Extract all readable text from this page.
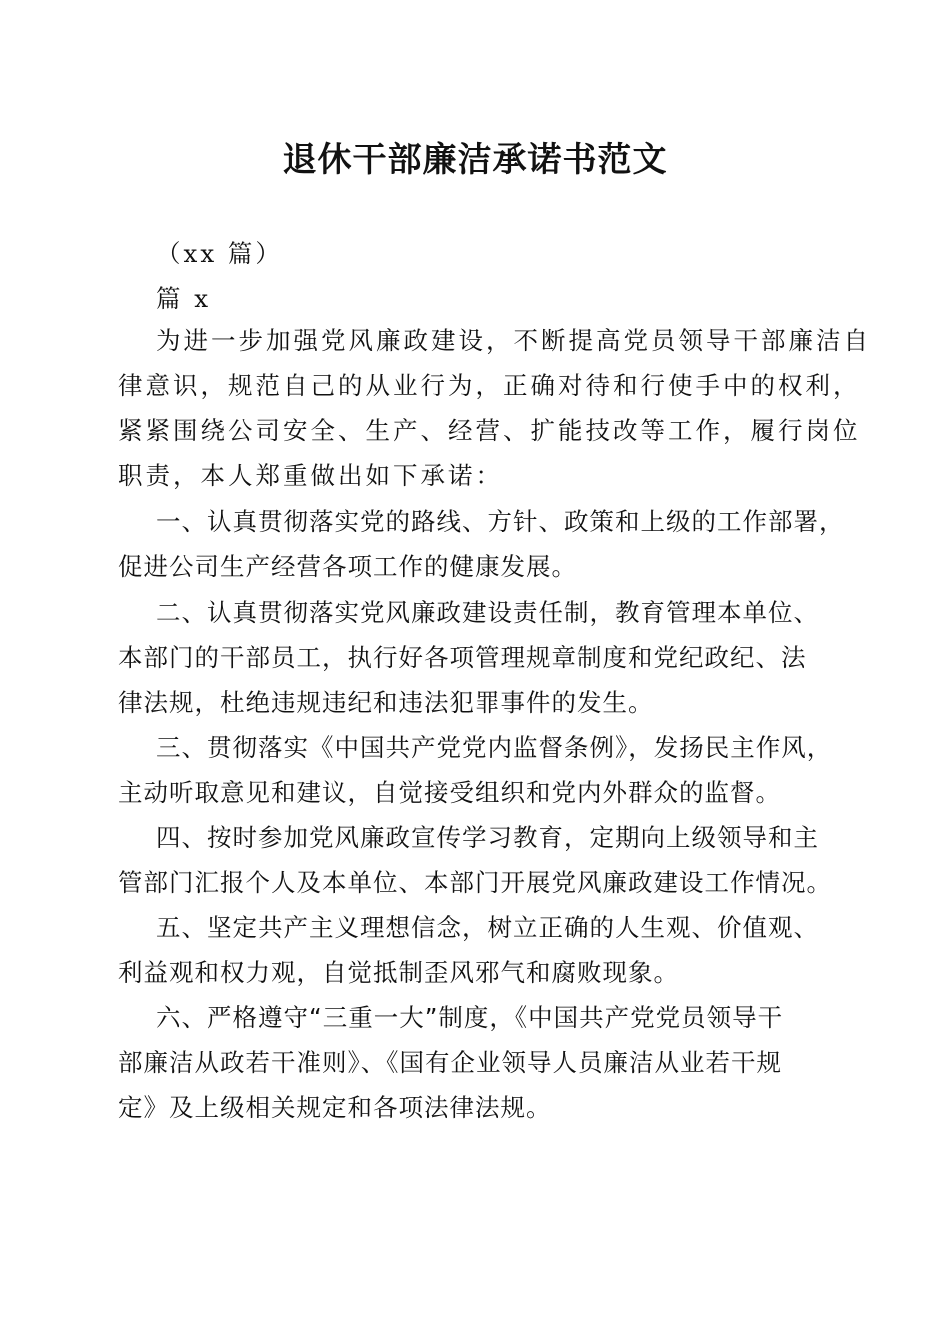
退休干部廉洁承诺书范文

（xx 篇）

篇 x

为进一步加强党风廉政建设，不断提高党员领导干部廉洁自

律意识，规范自己的从业行为，正确对待和行使手中的权利，

紧紧围绕公司安全、生产、经营、扩能技改等工作，履行岗位

职责，本人郑重做出如下承诺：

一、认真贯彻落实党的路线、方针、政策和上级的工作部署，

促进公司生产经营各项工作的健康发展。

二、认真贯彻落实党风廉政建设责任制，教育管理本单位、

本部门的干部员工，执行好各项管理规章制度和党纪政纪、法

律法规，杜绝违规违纪和违法犯罪事件的发生。

三、贯彻落实《中国共产党党内监督条例》，发扬民主作风，

主动听取意见和建议，自觉接受组织和党内外群众的监督。

四、按时参加党风廉政宣传学习教育，定期向上级领导和主

管部门汇报个人及本单位、本部门开展党风廉政建设工作情况。

五、坚定共产主义理想信念，树立正确的人生观、价值观、

利益观和权力观，自觉抵制歪风邪气和腐败现象。

六、严格遵守“三重一大”制度，《中国共产党党员领导干

部廉洁从政若干准则》、《国有企业领导人员廉洁从业若干规

定》及上级相关规定和各项法律法规。
